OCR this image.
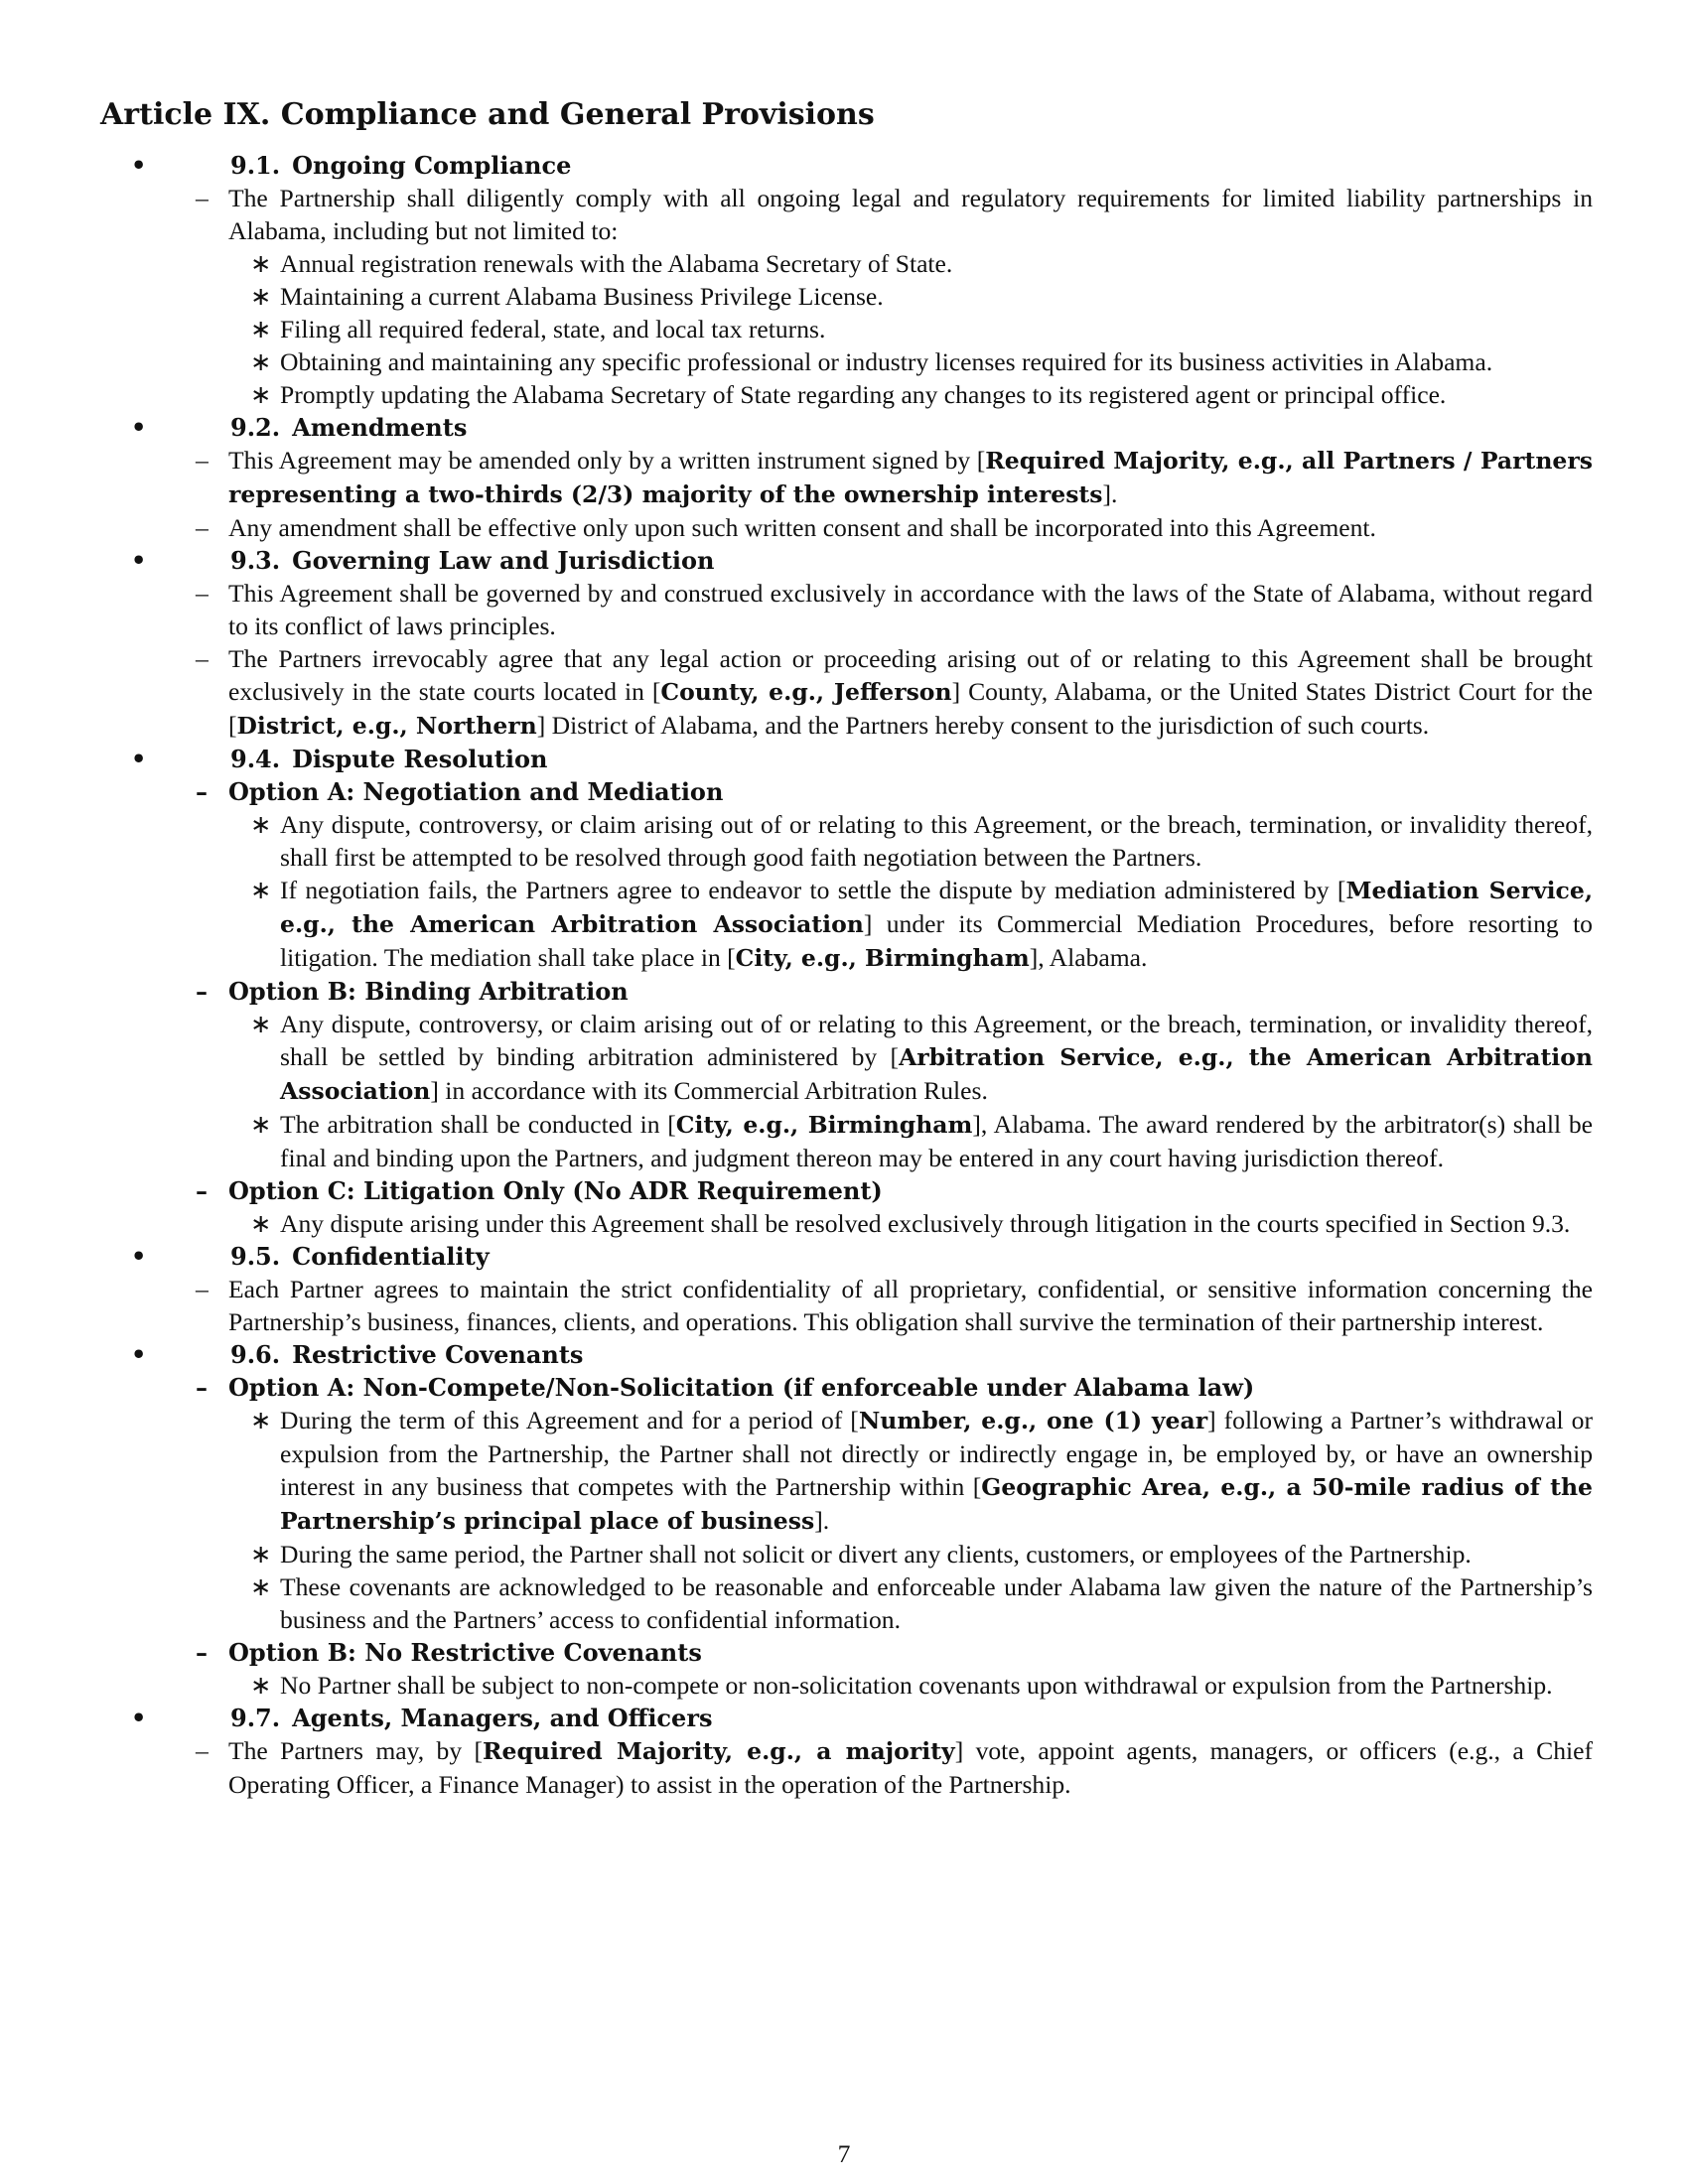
Article IX. Compliance and General Provisions
•	9.1. Ongoing Compliance
– The Partnership shall diligently comply with all ongoing legal and regulatory requirements for limited liability partnerships in Alabama, including but not limited to:
∗ Annual registration renewals with the Alabama Secretary of State.
∗ Maintaining a current Alabama Business Privilege License.
∗ Filing all required federal, state, and local tax returns.
∗ Obtaining and maintaining any specific professional or industry licenses required for its business activities in Alabama.
∗ Promptly updating the Alabama Secretary of State regarding any changes to its registered agent or principal office.
•	9.2. Amendments
– This Agreement may be amended only by a written instrument signed by [Required Majority, e.g., all Partners / Partners representing a two-thirds (2/3) majority of the ownership interests].
– Any amendment shall be effective only upon such written consent and shall be incorporated into this Agreement.
•	9.3. Governing Law and Jurisdiction
– This Agreement shall be governed by and construed exclusively in accordance with the laws of the State of Alabama, without regard to its conflict of laws principles.
– The Partners irrevocably agree that any legal action or proceeding arising out of or relating to this Agreement shall be brought exclusively in the state courts located in [County, e.g., Jefferson] County, Alabama, or the United States District Court for the [District, e.g., Northern] District of Alabama, and the Partners hereby consent to the jurisdiction of such courts.
•	9.4. Dispute Resolution
– Option A: Negotiation and Mediation
∗ Any dispute, controversy, or claim arising out of or relating to this Agreement, or the breach, termination, or invalidity thereof, shall first be attempted to be resolved through good faith negotiation between the Partners.
∗ If negotiation fails, the Partners agree to endeavor to settle the dispute by mediation administered by [Mediation Service, e.g., the American Arbitration Association] under its Commercial Mediation Procedures, before resorting to litigation. The mediation shall take place in [City, e.g., Birmingham], Alabama.
– Option B: Binding Arbitration
∗ Any dispute, controversy, or claim arising out of or relating to this Agreement, or the breach, termination, or invalidity thereof, shall be settled by binding arbitration administered by [Arbitration Service, e.g., the American Arbitration Association] in accordance with its Commercial Arbitration Rules.
∗ The arbitration shall be conducted in [City, e.g., Birmingham], Alabama. The award rendered by the arbitrator(s) shall be final and binding upon the Partners, and judgment thereon may be entered in any court having jurisdiction thereof.
– Option C: Litigation Only (No ADR Requirement)
∗ Any dispute arising under this Agreement shall be resolved exclusively through litigation in the courts specified in Section 9.3.
•	9.5. Confidentiality
– Each Partner agrees to maintain the strict confidentiality of all proprietary, confidential, or sensitive information concerning the Partnership’s business, finances, clients, and operations. This obligation shall survive the termination of their partnership interest.
•	9.6. Restrictive Covenants
– Option A: Non-Compete/Non-Solicitation (if enforceable under Alabama law)
∗ During the term of this Agreement and for a period of [Number, e.g., one (1) year] following a Partner’s withdrawal or expulsion from the Partnership, the Partner shall not directly or indirectly engage in, be employed by, or have an ownership interest in any business that competes with the Partnership within [Geographic Area, e.g., a 50-mile radius of the Partnership’s principal place of business].
∗ During the same period, the Partner shall not solicit or divert any clients, customers, or employees of the Partnership.
∗ These covenants are acknowledged to be reasonable and enforceable under Alabama law given the nature of the Partnership’s business and the Partners’ access to confidential information.
– Option B: No Restrictive Covenants
∗ No Partner shall be subject to non-compete or non-solicitation covenants upon withdrawal or expulsion from the Partnership.
•	9.7. Agents, Managers, and Officers
– The Partners may, by [Required Majority, e.g., a majority] vote, appoint agents, managers, or officers (e.g., a Chief Operating Officer, a Finance Manager) to assist in the operation of the Partnership.
7
